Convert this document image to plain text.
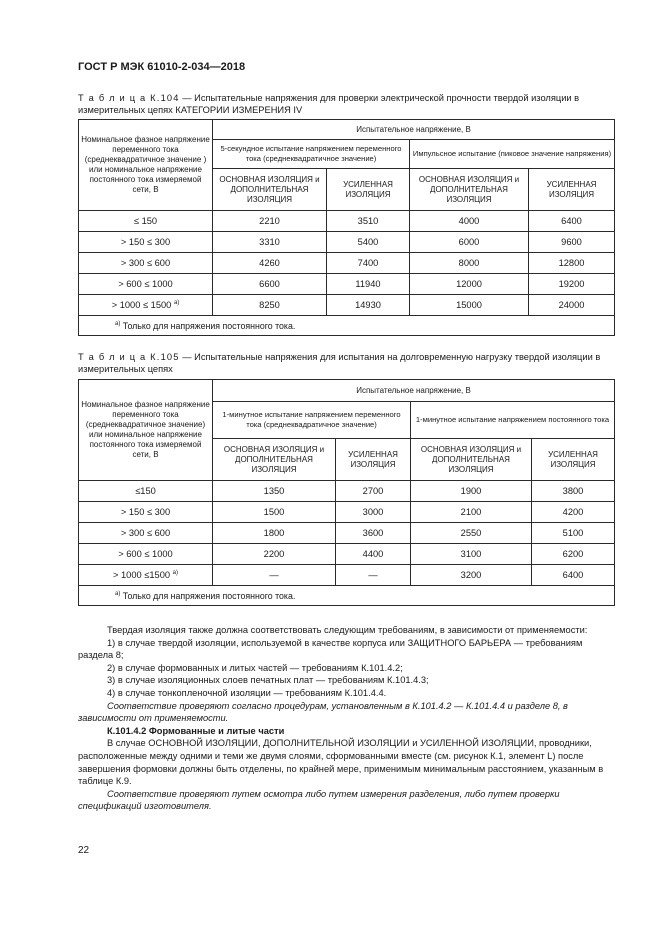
ГОСТ Р МЭК 61010-2-034—2018
Т а б л и ц а К.104 — Испытательные напряжения для проверки электрической прочности твердой изоляции в измерительных цепях КАТЕГОРИИ ИЗМЕРЕНИЯ IV
Номинальное фазное напряжение переменного тока (среднеквадратичное значение ) или номинальное напряжение постоянного тока измеряемой сети, В	Испытательное напряжение, В			
	5-секундное испытание напряжением переменного тока (среднеквадратичное значение)		Импульсное испытание (пиковое значение напряжения)	
	ОСНОВНАЯ ИЗОЛЯЦИЯ и ДОПОЛНИТЕЛЬНАЯ ИЗОЛЯЦИЯ	УСИЛЕННАЯ ИЗОЛЯЦИЯ	ОСНОВНАЯ ИЗОЛЯЦИЯ и ДОПОЛНИТЕЛЬНАЯ ИЗОЛЯЦИЯ	УСИЛЕННАЯ ИЗОЛЯЦИЯ
≤ 150	2210	3510	4000	6400
> 150 ≤ 300	3310	5400	6000	9600
> 300 ≤ 600	4260	7400	8000	12800
> 600 ≤ 1000	6600	11940	12000	19200
> 1000 ≤ 1500 $^{а)}$	8250	14930	15000	24000
$^{а)}$ Только для напряжения постоянного тока.				
Т а б л и ц а К.105 — Испытательные напряжения для испытания на долговременную нагрузку твердой изоляции в измерительных цепях
Номинальное фазное напряжение переменного тока (среднеквадратичное значение) или номинальное напряжение постоянного тока измеряемой сети, В	Испытательное напряжение, В			
	1-минутное испытание напряжением переменного тока (среднеквадратичное значение)		1-минутное испытание напряжением постоянного тока	
	ОСНОВНАЯ ИЗОЛЯЦИЯ и ДОПОЛНИТЕЛЬНАЯ ИЗОЛЯЦИЯ	УСИЛЕННАЯ ИЗОЛЯЦИЯ	ОСНОВНАЯ ИЗОЛЯЦИЯ и ДОПОЛНИТЕЛЬНАЯ ИЗОЛЯЦИЯ	УСИЛЕННАЯ ИЗОЛЯЦИЯ
≤150	1350	2700	1900	3800
> 150 ≤ 300	1500	3000	2100	4200
> 300 ≤ 600	1800	3600	2550	5100
> 600 ≤ 1000	2200	4400	3100	6200
> 1000 ≤1500 $^{а)}$	—	—	3200	6400
$^{а)}$ Только для напряжения постоянного тока.				

Твердая изоляция также должна соответствовать следующим требованиям, в зависимости от применяемости:

1) в случае твердой изоляции, используемой в качестве корпуса или ЗАЩИТНОГО БАРЬЕРА — требованиям раздела 8;

2) в случае формованных и литых частей — требованиям К.101.4.2;

3) в случае изоляционных слоев печатных плат — требованиям К.101.4.3;

4) в случае тонкопленочной изоляции — требованиям К.101.4.4.

Соответствие проверяют согласно процедурам, установленным в К.101.4.2 — К.101.4.4 и разделе 8, в зависимости от применяемости.

К.101.4.2 Формованные и литые части

В случае ОСНОВНОЙ ИЗОЛЯЦИИ, ДОПОЛНИТЕЛЬНОЙ ИЗОЛЯЦИИ и УСИЛЕННОЙ ИЗОЛЯЦИИ, проводники, расположенные между одними и теми же двумя слоями, сформованными вместе (см. рисунок К.1, элемент L) после завершения формовки должны быть отделены, по крайней мере, применимым минимальным расстоянием, указанным в таблице К.9.

Соответствие проверяют путем осмотра либо путем измерения разделения, либо путем проверки спецификаций изготовителя.

22
